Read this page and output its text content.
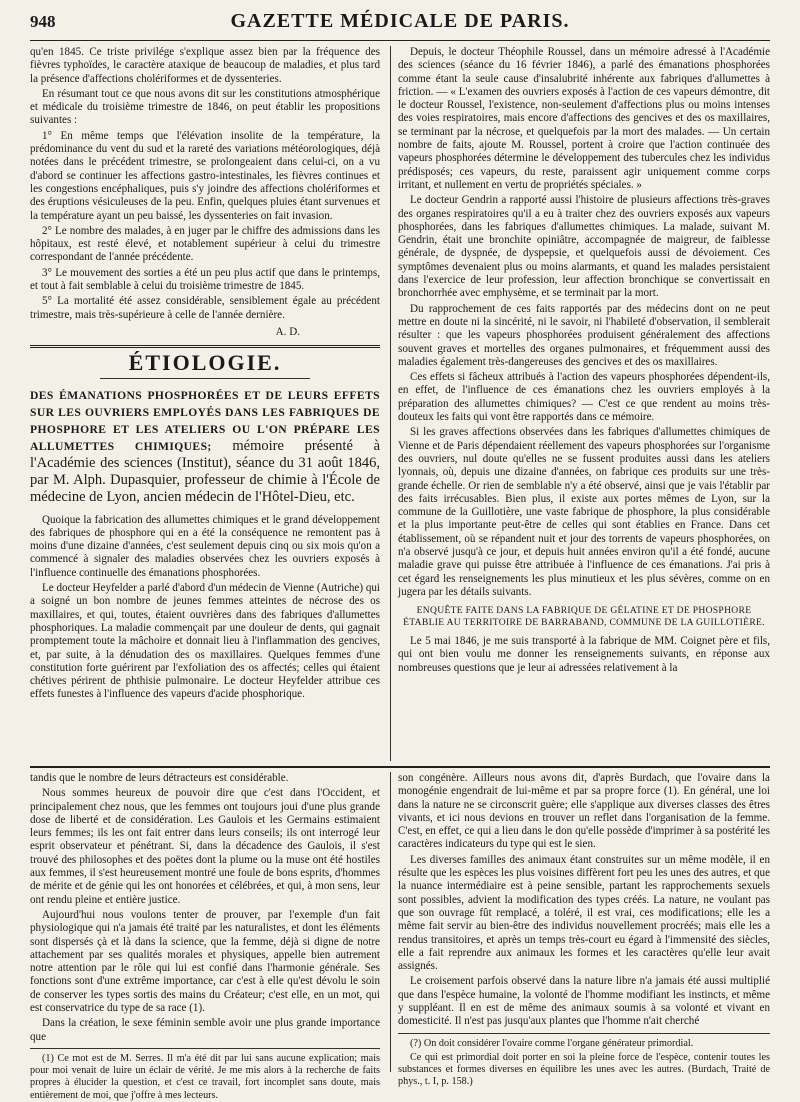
948	GAZETTE MÉDICALE DE PARIS.

qu'en 1845. Ce triste privilége s'explique assez bien par la fréquence des fièvres typhoïdes, le caractère ataxique de beaucoup de maladies, et plus tard la présence d'affections cholériformes et de dyssenteries.

En résumant tout ce que nous avons dit sur les constitutions atmosphérique et médicale du troisième trimestre de 1846, on peut établir les propositions suivantes :

1° En même temps que l'élévation insolite de la température, la prédominance du vent du sud et la rareté des variations météorologiques, déjà notées dans le précédent trimestre, se prolongeaient dans celui-ci, on a vu d'abord se continuer les affections gastro-intestinales, les fièvres continues et les congestions encéphaliques, puis s'y joindre des affections cholériformes et des éruptions vésiculeuses de la peu. Enfin, quelques pluies étant survenues et la température ayant un peu baissé, les dyssenteries on fait invasion.

2° Le nombre des malades, à en juger par le chiffre des admissions dans les hôpitaux, est resté élevé, et notablement supérieur à celui du trimestre correspondant de l'année précédente.

3° Le mouvement des sorties a été un peu plus actif que dans le printemps, et tout à fait semblable à celui du troisième trimestre de 1845.

5° La mortalité été assez considérable, sensiblement égale au précédent trimestre, mais très-supérieure à celle de l'année dernière.

A. D.
ÉTIOLOGIE.
DES ÉMANATIONS PHOSPHORÉES ET DE LEURS EFFETS SUR LES OUVRIERS EMPLOYÉS DANS LES FABRIQUES DE PHOSPHORE ET LES ATELIERS OU L'ON PRÉPARE LES ALLUMETTES CHIMIQUES; mémoire présenté à l'Académie des sciences (Institut), séance du 31 août 1846, par M. Alph. Dupasquier, professeur de chimie à l'École de médecine de Lyon, ancien médecin de l'Hôtel-Dieu, etc.

Quoique la fabrication des allumettes chimiques et le grand développement des fabriques de phosphore qui en a été la conséquence ne remontent pas à moins d'une dizaine d'années, c'est seulement depuis cinq ou six mois qu'on a commencé à signaler des maladies observées chez les ouvriers exposés à l'influence continuelle des émanations phosphorées.

Le docteur Heyfelder a parlé d'abord d'un médecin de Vienne (Autriche) qui a soigné un bon nombre de jeunes femmes atteintes de nécrose des os maxillaires, et qui, toutes, étaient ouvrières dans des fabriques d'allumettes phosphoriques. La maladie commençait par une douleur de dents, qui gagnait promptement toute la mâchoire et donnait lieu à l'inflammation des gencives, et, par suite, à la dénudation des os maxillaires. Quelques femmes d'une constitution forte guérirent par l'exfoliation des os affectés; celles qui étaient chétives périrent de phthisie pulmonaire. Le docteur Heyfelder attribue ces effets funestes à l'influence des vapeurs d'acide phosphorique.

Depuis, le docteur Théophile Roussel, dans un mémoire adressé à l'Académie des sciences (séance du 16 février 1846), a parlé des émanations phosphorées comme étant la seule cause d'insalubrité inhérente aux fabriques d'allumettes à friction. — « L'examen des ouvriers exposés à l'action de ces vapeurs démontre, dit le docteur Roussel, l'existence, non-seulement d'affections plus ou moins intenses des voies respiratoires, mais encore d'affections des gencives et des os maxillaires, se terminant par la nécrose, et quelquefois par la mort des malades. — Un certain nombre de faits, ajoute M. Roussel, portent à croire que l'action continuée des vapeurs phosphorées détermine le développement des tubercules chez les individus prédisposés; ces vapeurs, du reste, paraissent agir uniquement comme corps irritant, et nullement en vertu de propriétés spéciales. »

Le docteur Gendrin a rapporté aussi l'histoire de plusieurs affections très-graves des organes respiratoires qu'il a eu à traiter chez des ouvriers exposés aux vapeurs phosphorées, dans les fabriques d'allumettes chimiques. La malade, suivant M. Gendrin, était une bronchite opiniâtre, accompagnée de maigreur, de faiblesse générale, de dyspnée, de dyspepsie, et quelquefois aussi de dévoiement. Ces symptômes devenaient plus ou moins alarmants, et quand les malades persistaient dans l'exercice de leur profession, leur affection bronchique se convertissait en bronchorrhée avec emphysème, et se terminait par la mort.

Du rapprochement de ces faits rapportés par des médecins dont on ne peut mettre en doute ni la sincérité, ni le savoir, ni l'habileté d'observation, il semblerait résulter : que les vapeurs phosphorées produisent généralement des affections souvent graves et mortelles des organes pulmonaires, et fréquemment aussi des maladies également très-dangereuses des gencives et des os maxillaires.

Ces effets si fâcheux attribués à l'action des vapeurs phosphorées dépendent-ils, en effet, de l'influence de ces émanations chez les ouvriers employés à la préparation des allumettes chimiques? — C'est ce que rendent au moins très-douteux les faits qui vont être rapportés dans ce mémoire.

Si les graves affections observées dans les fabriques d'allumettes chimiques de Vienne et de Paris dépendaient réellement des vapeurs phosphorées sur l'organisme des ouvriers, nul doute qu'elles ne se fussent produites aussi dans les ateliers lyonnais, où, depuis une dizaine d'années, on fabrique ces produits sur une très-grande échelle. Or rien de semblable n'y a été observé, ainsi que je vais l'établir par des faits irrécusables. Bien plus, il existe aux portes mêmes de Lyon, sur la commune de la Guillotière, une vaste fabrique de phosphore, la plus considérable et la plus importante peut-être de celles qui sont établies en France. Dans cet établissement, où se répandent nuit et jour des torrents de vapeurs phosphorées, on n'a observé jusqu'à ce jour, et depuis huit années environ qu'il a été fondé, aucune maladie grave qui puisse être attribuée à l'influence de ces émanations. J'ai pris à cet égard les renseignements les plus minutieux et les plus sévères, comme on en jugera par les détails suivants.

ENQUÊTE FAITE DANS LA FABRIQUE DE GÉLATINE ET DE PHOSPHORE ÉTABLIE AU TERRITOIRE DE BARRABAND, COMMUNE DE LA GUILLOTIÈRE.

Le 5 mai 1846, je me suis transporté à la fabrique de MM. Coignet père et fils, qui ont bien voulu me donner les renseignements suivants, en réponse aux nombreuses questions que je leur ai adressées relativement à la

tandis que le nombre de leurs détracteurs est considérable.

Nous sommes heureux de pouvoir dire que c'est dans l'Occident, et principalement chez nous, que les femmes ont toujours joui d'une plus grande dose de liberté et de considération. Les Gaulois et les Germains estimaient leurs femmes; ils les ont fait entrer dans leurs conseils; ils ont interrogé leur esprit observateur et pénétrant. Si, dans la décadence des Gaulois, il s'est trouvé des philosophes et des poëtes dont la plume ou la muse ont été hostiles aux femmes, il s'est heureusement montré une foule de bons esprits, d'hommes de mérite et de génie qui les ont honorées et célébrées, et qui, à mon sens, leur ont rendu pleine et entière justice.

Aujourd'hui nous voulons tenter de prouver, par l'exemple d'un fait physiologique qui n'a jamais été traité par les naturalistes, et dont les éléments sont dispersés çà et là dans la science, que la femme, déjà si digne de notre attachement par ses qualités morales et physiques, appelle bien autrement notre attention par le rôle qui lui est confié dans l'harmonie générale. Ses fonctions sont d'une extrême importance, car c'est à elle qu'est dévolu le soin de conserver les types sortis des mains du Créateur; c'est elle, en un mot, qui est conservatrice du type de sa race (1).

Dans la création, le sexe féminin semble avoir une plus grande importance que

(1) Ce mot est de M. Serres. Il m'a été dit par lui sans aucune explication; mais pour moi venait de luire un éclair de vérité. Je me mis alors à la recherche de faits propres à élucider la question, et c'est ce travail, fort incomplet sans doute, mais entièrement de moi, que j'offre à mes lecteurs.

son congénère. Ailleurs nous avons dit, d'après Burdach, que l'ovaire dans la monogénie engendrait de lui-même et par sa propre force (1). En général, une loi dans la nature ne se circonscrit guère; elle s'applique aux diverses classes des êtres vivants, et ici nous devions en trouver un reflet dans l'organisation de la femme. C'est, en effet, ce qui a lieu dans le don qu'elle possède d'imprimer à sa postérité les caractères indicateurs du type qui est le sien.

Les diverses familles des animaux étant construites sur un même modèle, il en résulte que les espèces les plus voisines diffèrent fort peu les unes des autres, et que la nuance intermédiaire est à peine sensible, partant les rapprochements sexuels sont possibles, advient la modification des types créés. La nature, ne voulant pas que son ouvrage fût remplacé, a toléré, il est vrai, ces modifications; elle les a même fait servir au bien-être des individus nouvellement procréés; mais elle les a rendus transitoires, et après un temps très-court eu égard à l'immensité des siècles, elle a fait reprendre aux animaux les formes et les caractères qu'elle leur avait assignés.

Le croisement parfois observé dans la nature libre n'a jamais été aussi multiplié que dans l'espèce humaine, la volonté de l'homme modifiant les instincts, et même y suppléant. Il en est de même des animaux soumis à sa volonté et vivant en domesticité. Il n'est pas jusqu'aux plantes que l'homme n'ait cherché

(?) On doit considérer l'ovaire comme l'organe générateur primordial.

Ce qui est primordial doit porter en soi la pleine force de l'espèce, contenir toutes les substances et formes diverses en équilibre les unes avec les autres. (Burdach, Traité de phys., t. I, p. 158.)
